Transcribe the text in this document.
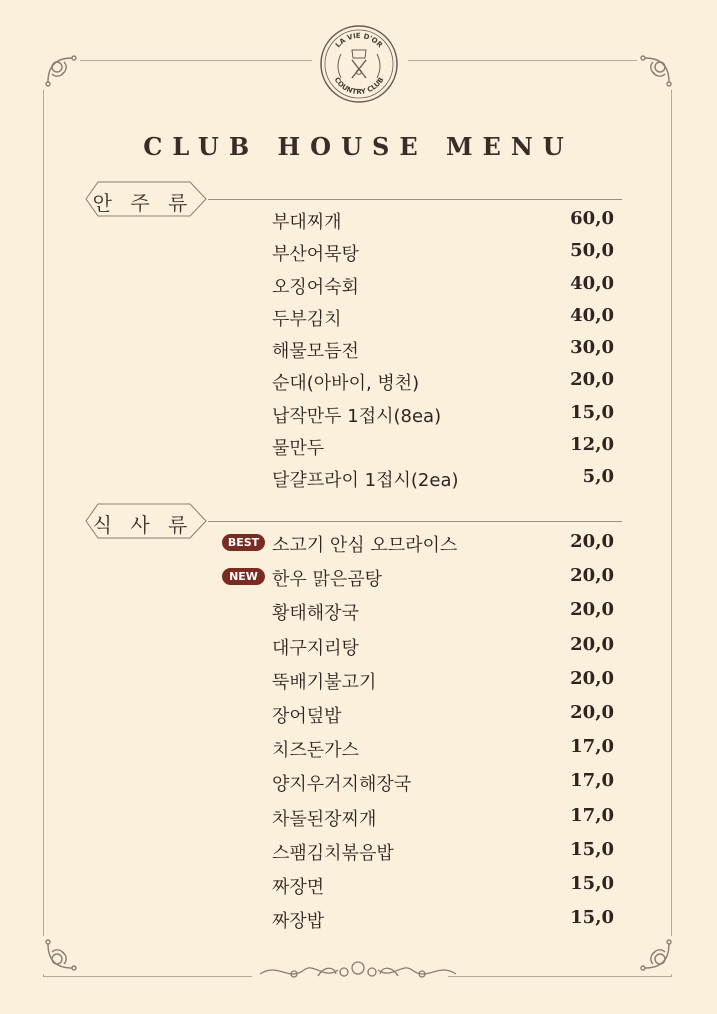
LA VIE D'OR
COUNTRY CLUB
CLUB HOUSE MENU
안 주 류
부대찌개	60,0
부산어묵탕	50,0
오징어숙회	40,0
두부김치	40,0
해물모듬전	30,0
순대(아바이, 병천)	20,0
납작만두 1접시(8ea)	15,0
물만두	12,0
달걀프라이 1접시(2ea)	5,0
식 사 류
BEST 소고기 안심 오므라이스	20,0
NEW 한우 맑은곰탕	20,0
황태해장국	20,0
대구지리탕	20,0
뚝배기불고기	20,0
장어덮밥	20,0
치즈돈가스	17,0
양지우거지해장국	17,0
차돌된장찌개	17,0
스팸김치볶음밥	15,0
짜장면	15,0
짜장밥	15,0
